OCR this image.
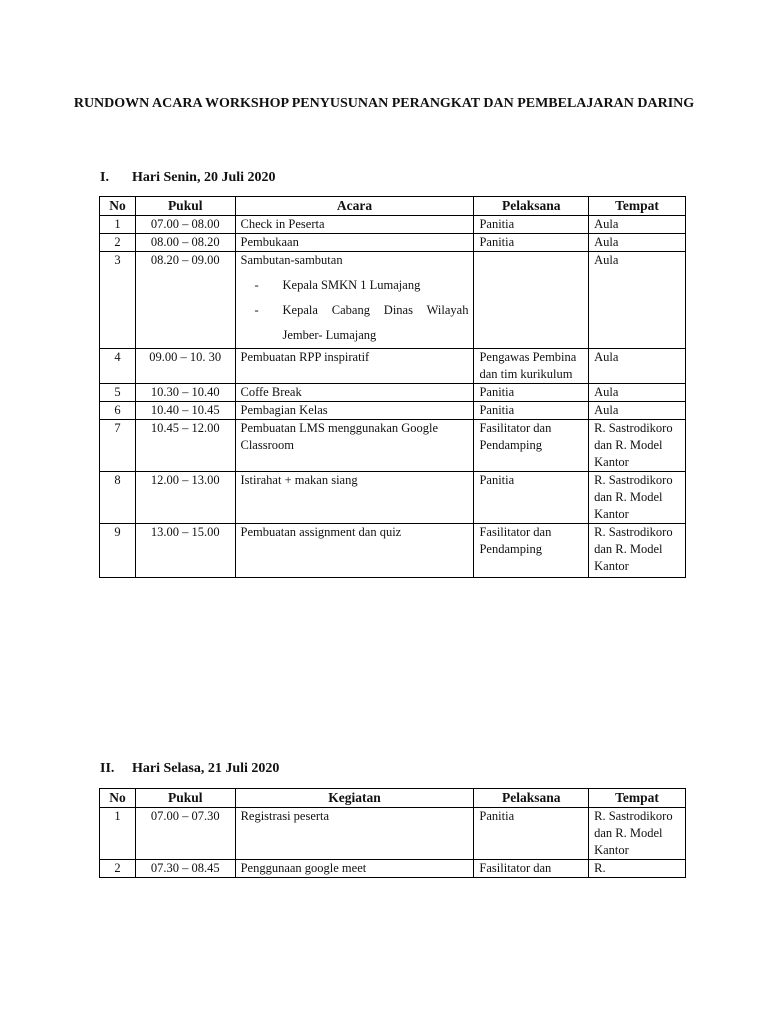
RUNDOWN ACARA WORKSHOP PENYUSUNAN PERANGKAT DAN PEMBELAJARAN DARING
I. Hari Senin, 20 Juli 2020
No	Pukul	Acara	Pelaksana	Tempat
1	07.00 – 08.00	Check in Peserta	Panitia	Aula
2	08.00 – 08.20	Pembukaan	Panitia	Aula
3	08.20 – 09.00	Sambutan-sambutan
- Kepala SMKN 1 Lumajang
- Kepala Cabang Dinas Wilayah Jember- Lumajang		Aula
4	09.00 – 10. 30	Pembuatan RPP inspiratif	Pengawas Pembina dan tim kurikulum	Aula
5	10.30 – 10.40	Coffe Break	Panitia	Aula
6	10.40 – 10.45	Pembagian Kelas	Panitia	Aula
7	10.45 – 12.00	Pembuatan LMS menggunakan Google Classroom	Fasilitator dan Pendamping	R. Sastrodikoro dan R. Model Kantor
8	12.00 – 13.00	Istirahat + makan siang	Panitia	R. Sastrodikoro dan R. Model Kantor
9	13.00 – 15.00	Pembuatan assignment dan quiz	Fasilitator dan Pendamping	R. Sastrodikoro dan R. Model Kantor
II. Hari Selasa, 21 Juli 2020
No	Pukul	Kegiatan	Pelaksana	Tempat
1	07.00 – 07.30	Registrasi peserta	Panitia	R. Sastrodikoro dan R. Model Kantor
2	07.30 – 08.45	Penggunaan google meet	Fasilitator dan	R.
